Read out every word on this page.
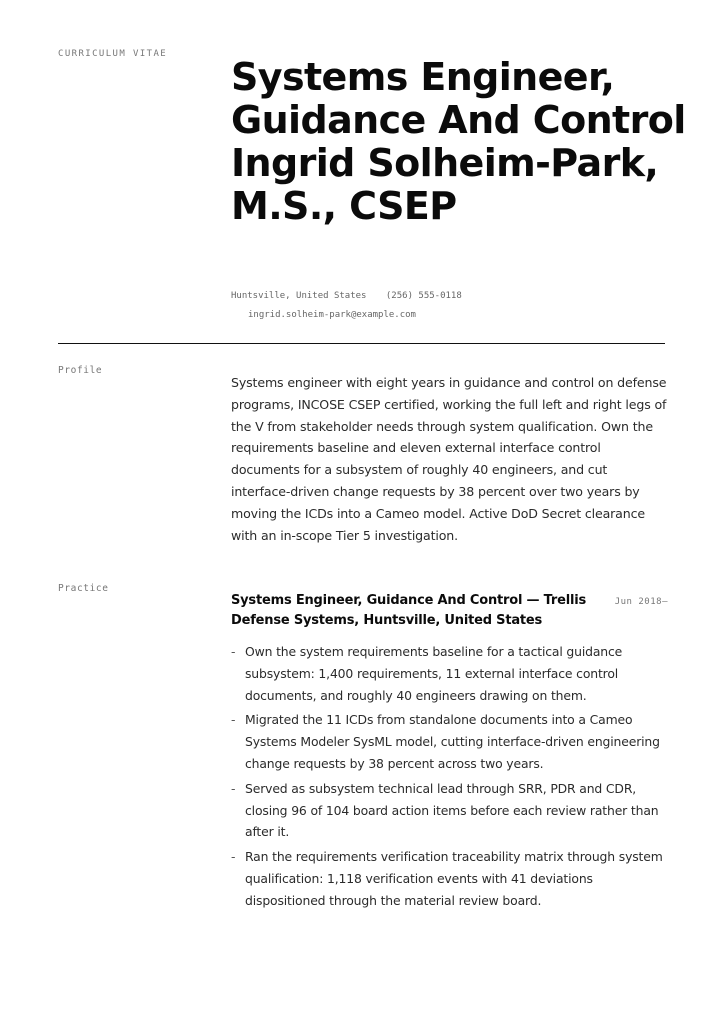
CURRICULUM VITAE
Systems Engineer, Guidance And Control Ingrid Solheim-Park, M.S., CSEP
Huntsville, United States (256) 555-0118
ingrid.solheim-park@example.com
Profile

Systems engineer with eight years in guidance and control on defense programs, INCOSE CSEP certified, working the full left and right legs of the V from stakeholder needs through system qualification. Own the requirements baseline and eleven external interface control documents for a subsystem of roughly 40 engineers, and cut interface-driven change requests by 38 percent over two years by moving the ICDs into a Cameo model. Active DoD Secret clearance with an in-scope Tier 5 investigation.

Practice
Systems Engineer, Guidance And Control — Trellis Defense Systems, Huntsville, United States
Jun 2018–
- Own the system requirements baseline for a tactical guidance subsystem: 1,400 requirements, 11 external interface control documents, and roughly 40 engineers drawing on them.
- Migrated the 11 ICDs from standalone documents into a Cameo Systems Modeler SysML model, cutting interface-driven engineering change requests by 38 percent across two years.
- Served as subsystem technical lead through SRR, PDR and CDR, closing 96 of 104 board action items before each review rather than after it.
- Ran the requirements verification traceability matrix through system qualification: 1,118 verification events with 41 deviations dispositioned through the material review board.
